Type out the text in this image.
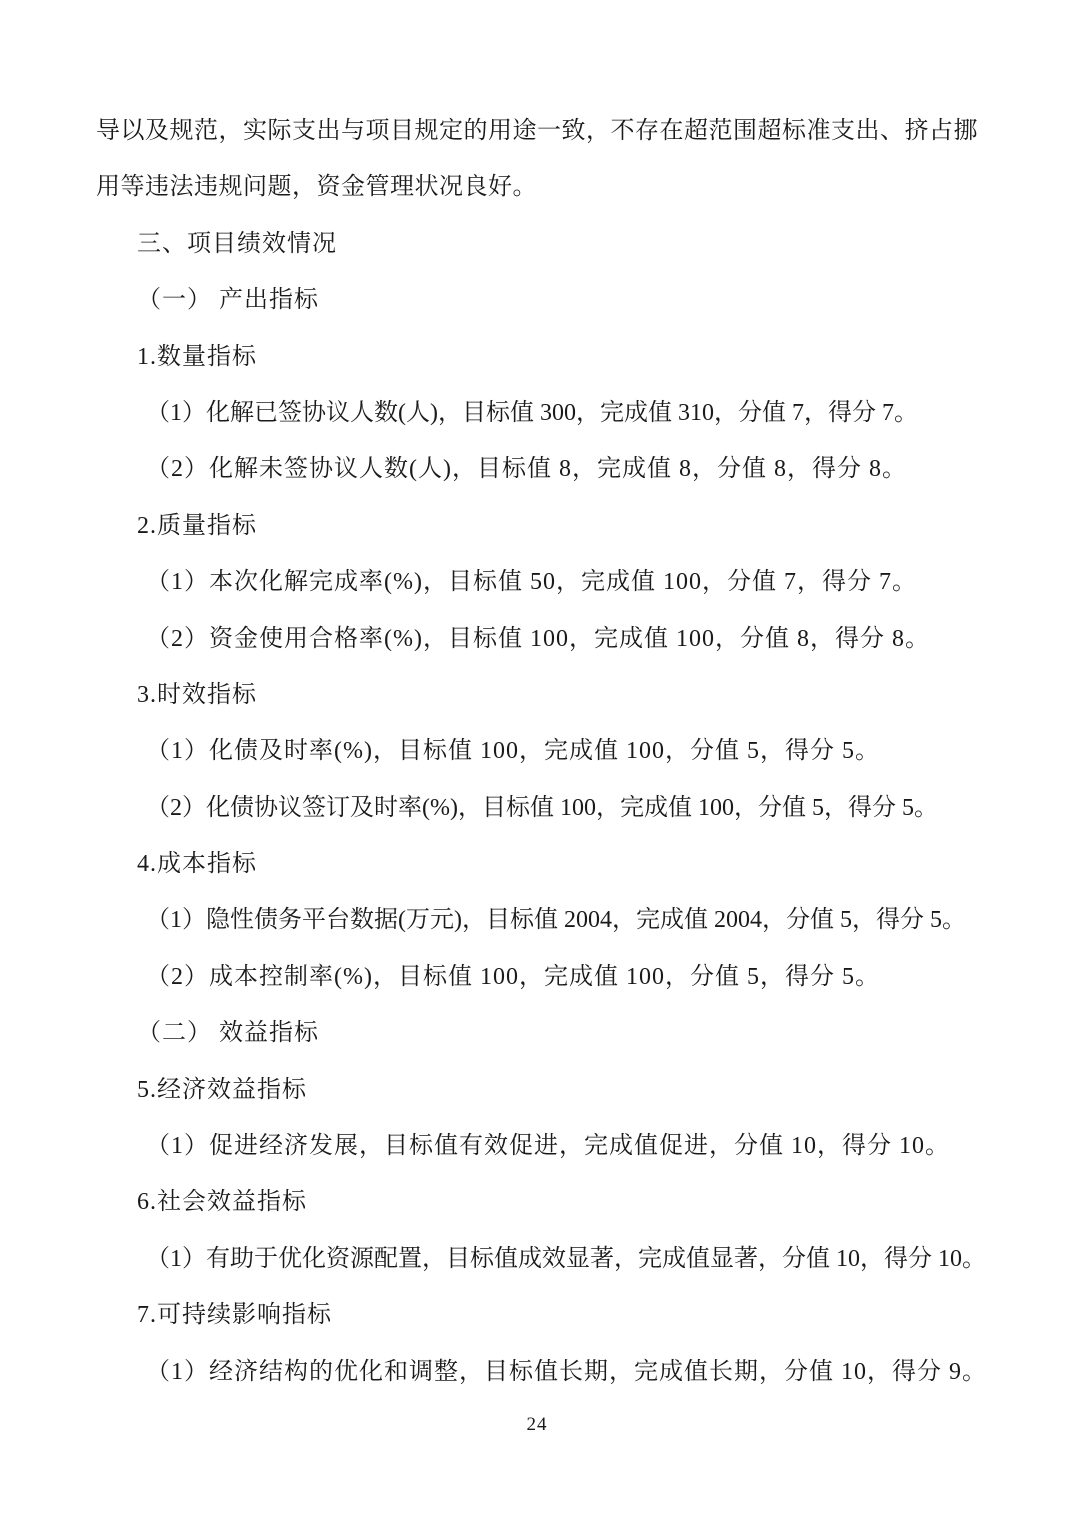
导以及规范，实际支出与项目规定的用途一致，不存在超范围超标准支出、挤占挪
用等违法违规问题，资金管理状况良好。
三、项目绩效情况
（一） 产出指标
1.数量指标
（1）化解已签协议人数(人)，目标值 300，完成值 310，分值 7，得分 7。
（2）化解未签协议人数(人)，目标值 8，完成值 8，分值 8，得分 8。
2.质量指标
（1）本次化解完成率(%)，目标值 50，完成值 100，分值 7，得分 7。
（2）资金使用合格率(%)，目标值 100，完成值 100，分值 8，得分 8。
3.时效指标
（1）化债及时率(%)，目标值 100，完成值 100，分值 5，得分 5。
（2）化债协议签订及时率(%)，目标值 100，完成值 100，分值 5，得分 5。
4.成本指标
（1）隐性债务平台数据(万元)，目标值 2004，完成值 2004，分值 5，得分 5。
（2）成本控制率(%)，目标值 100，完成值 100，分值 5，得分 5。
（二） 效益指标
5.经济效益指标
（1）促进经济发展，目标值有效促进，完成值促进，分值 10，得分 10。
6.社会效益指标
（1）有助于优化资源配置，目标值成效显著，完成值显著，分值 10，得分 10。
7.可持续影响指标
（1）经济结构的优化和调整，目标值长期，完成值长期，分值 10，得分 9。
24
